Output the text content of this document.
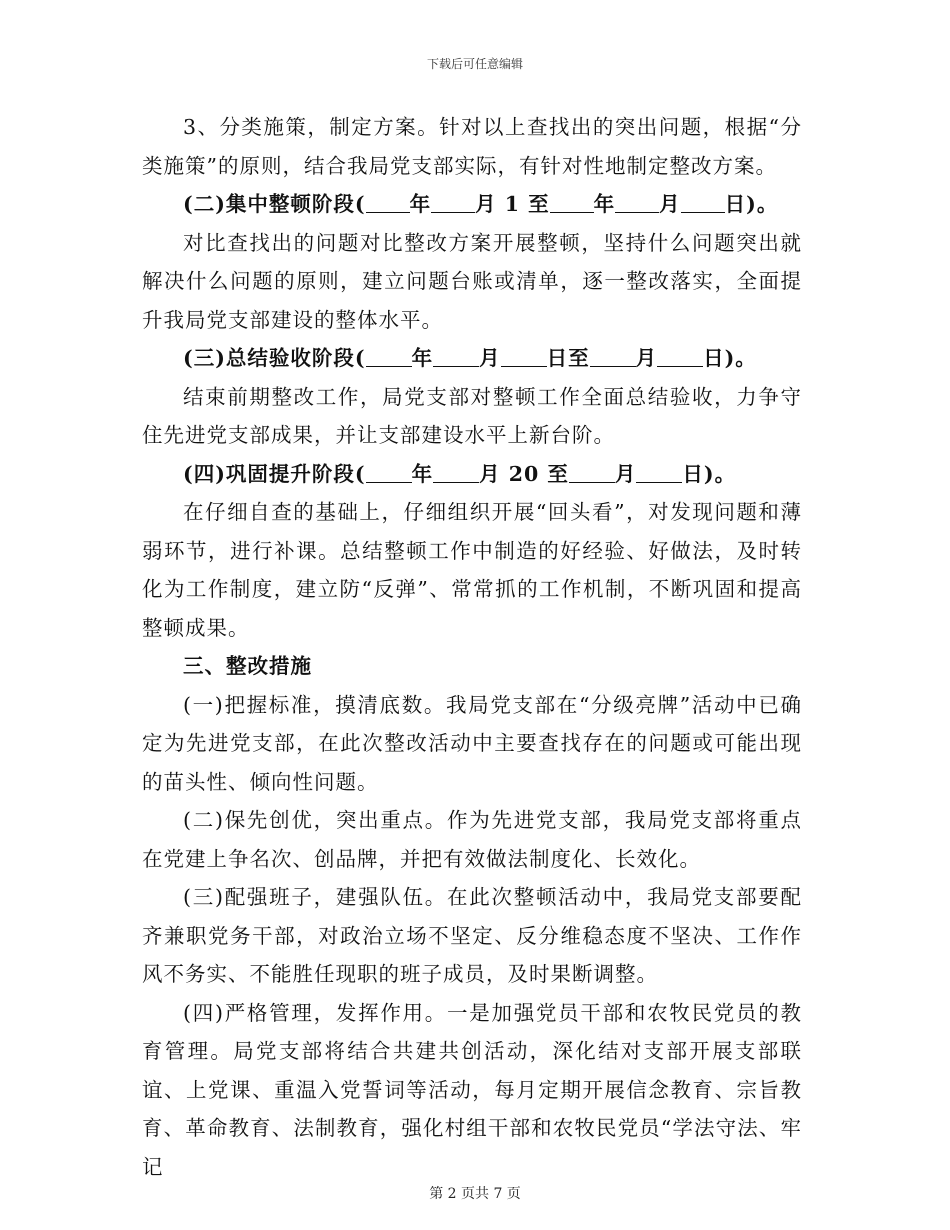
下载后可任意编辑

3、分类施策，制定方案。针对以上查找出的突出问题，根据“分类施策”的原则，结合我局党支部实际，有针对性地制定整改方案。

(二)集中整顿阶段( 年 月 1 至 年 月 日)。

对比查找出的问题对比整改方案开展整顿，坚持什么问题突出就解决什么问题的原则，建立问题台账或清单，逐一整改落实，全面提升我局党支部建设的整体水平。

(三)总结验收阶段( 年 月 日至 月 日)。

结束前期整改工作，局党支部对整顿工作全面总结验收，力争守住先进党支部成果，并让支部建设水平上新台阶。

(四)巩固提升阶段( 年 月 20 至 月 日)。

在仔细自查的基础上，仔细组织开展“回头看”，对发现问题和薄弱环节，进行补课。总结整顿工作中制造的好经验、好做法，及时转化为工作制度，建立防“反弹”、常常抓的工作机制，不断巩固和提高整顿成果。

三、整改措施

(一)把握标准，摸清底数。我局党支部在“分级亮牌”活动中已确定为先进党支部，在此次整改活动中主要查找存在的问题或可能出现的苗头性、倾向性问题。

(二)保先创优，突出重点。作为先进党支部，我局党支部将重点在党建上争名次、创品牌，并把有效做法制度化、长效化。

(三)配强班子，建强队伍。在此次整顿活动中，我局党支部要配齐兼职党务干部，对政治立场不坚定、反分维稳态度不坚决、工作作风不务实、不能胜任现职的班子成员，及时果断调整。

(四)严格管理，发挥作用。一是加强党员干部和农牧民党员的教育管理。局党支部将结合共建共创活动，深化结对支部开展支部联谊、上党课、重温入党誓词等活动，每月定期开展信念教育、宗旨教育、革命教育、法制教育，强化村组干部和农牧民党员“学法守法、牢记

第 2 页共 7 页
